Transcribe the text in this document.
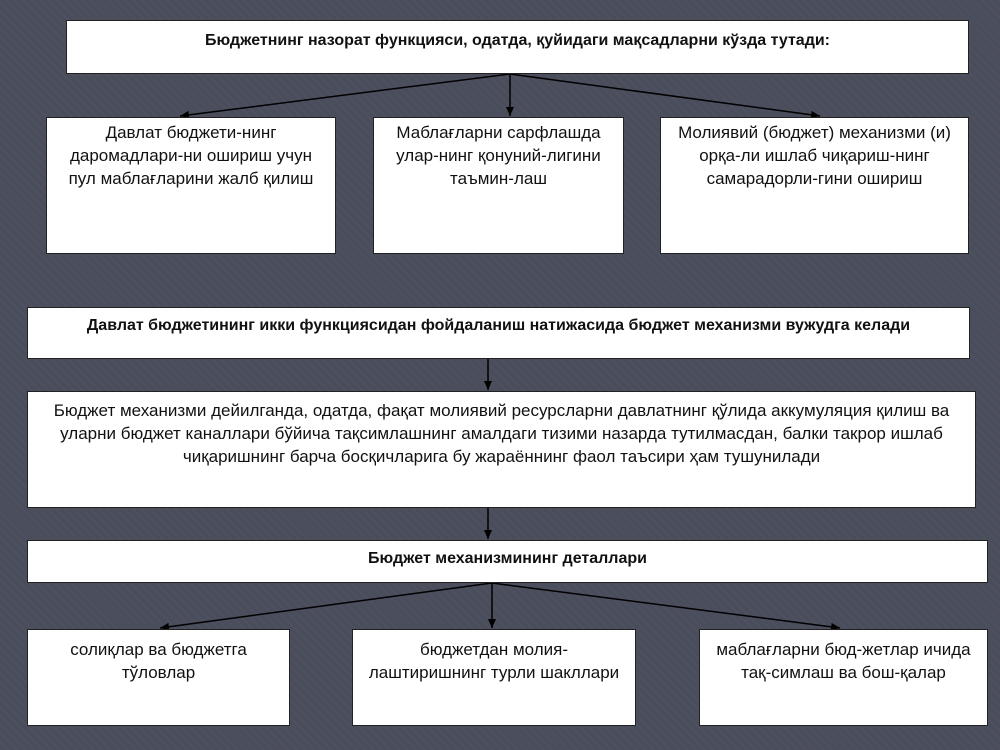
Бюджетнинг назорат функцияси, одатда, қуйидаги мақсадларни кўзда тутади:
Давлат бюджети-нинг даромадлари-ни ошириш учун пул маблағларини жалб қилиш
Маблағларни сарфлашда улар-нинг қонуний-лигини таъмин-лаш
Молиявий (бюджет) механизми (и) орқа-ли ишлаб чиқариш-нинг самарадорли-гини ошириш
Давлат бюджетининг икки функциясидан фойдаланиш натижасида бюджет механизми вужудга келади
Бюджет механизми дейилганда, одатда, фақат молиявий ресурсларни давлатнинг қўлида аккумуляция қилиш ва уларни бюджет каналлари бўйича тақсимлашнинг амалдаги тизими назарда тутилмасдан, балки такрор ишлаб чиқаришнинг барча босқичларига бу жараённинг фаол таъсири ҳам тушунилади
Бюджет механизмининг деталлари
солиқлар ва бюджетга тўловлар
бюджетдан молия-лаштиришнинг турли шакллари
маблағларни бюд-жетлар ичида тақ-симлаш ва бош-қалар
